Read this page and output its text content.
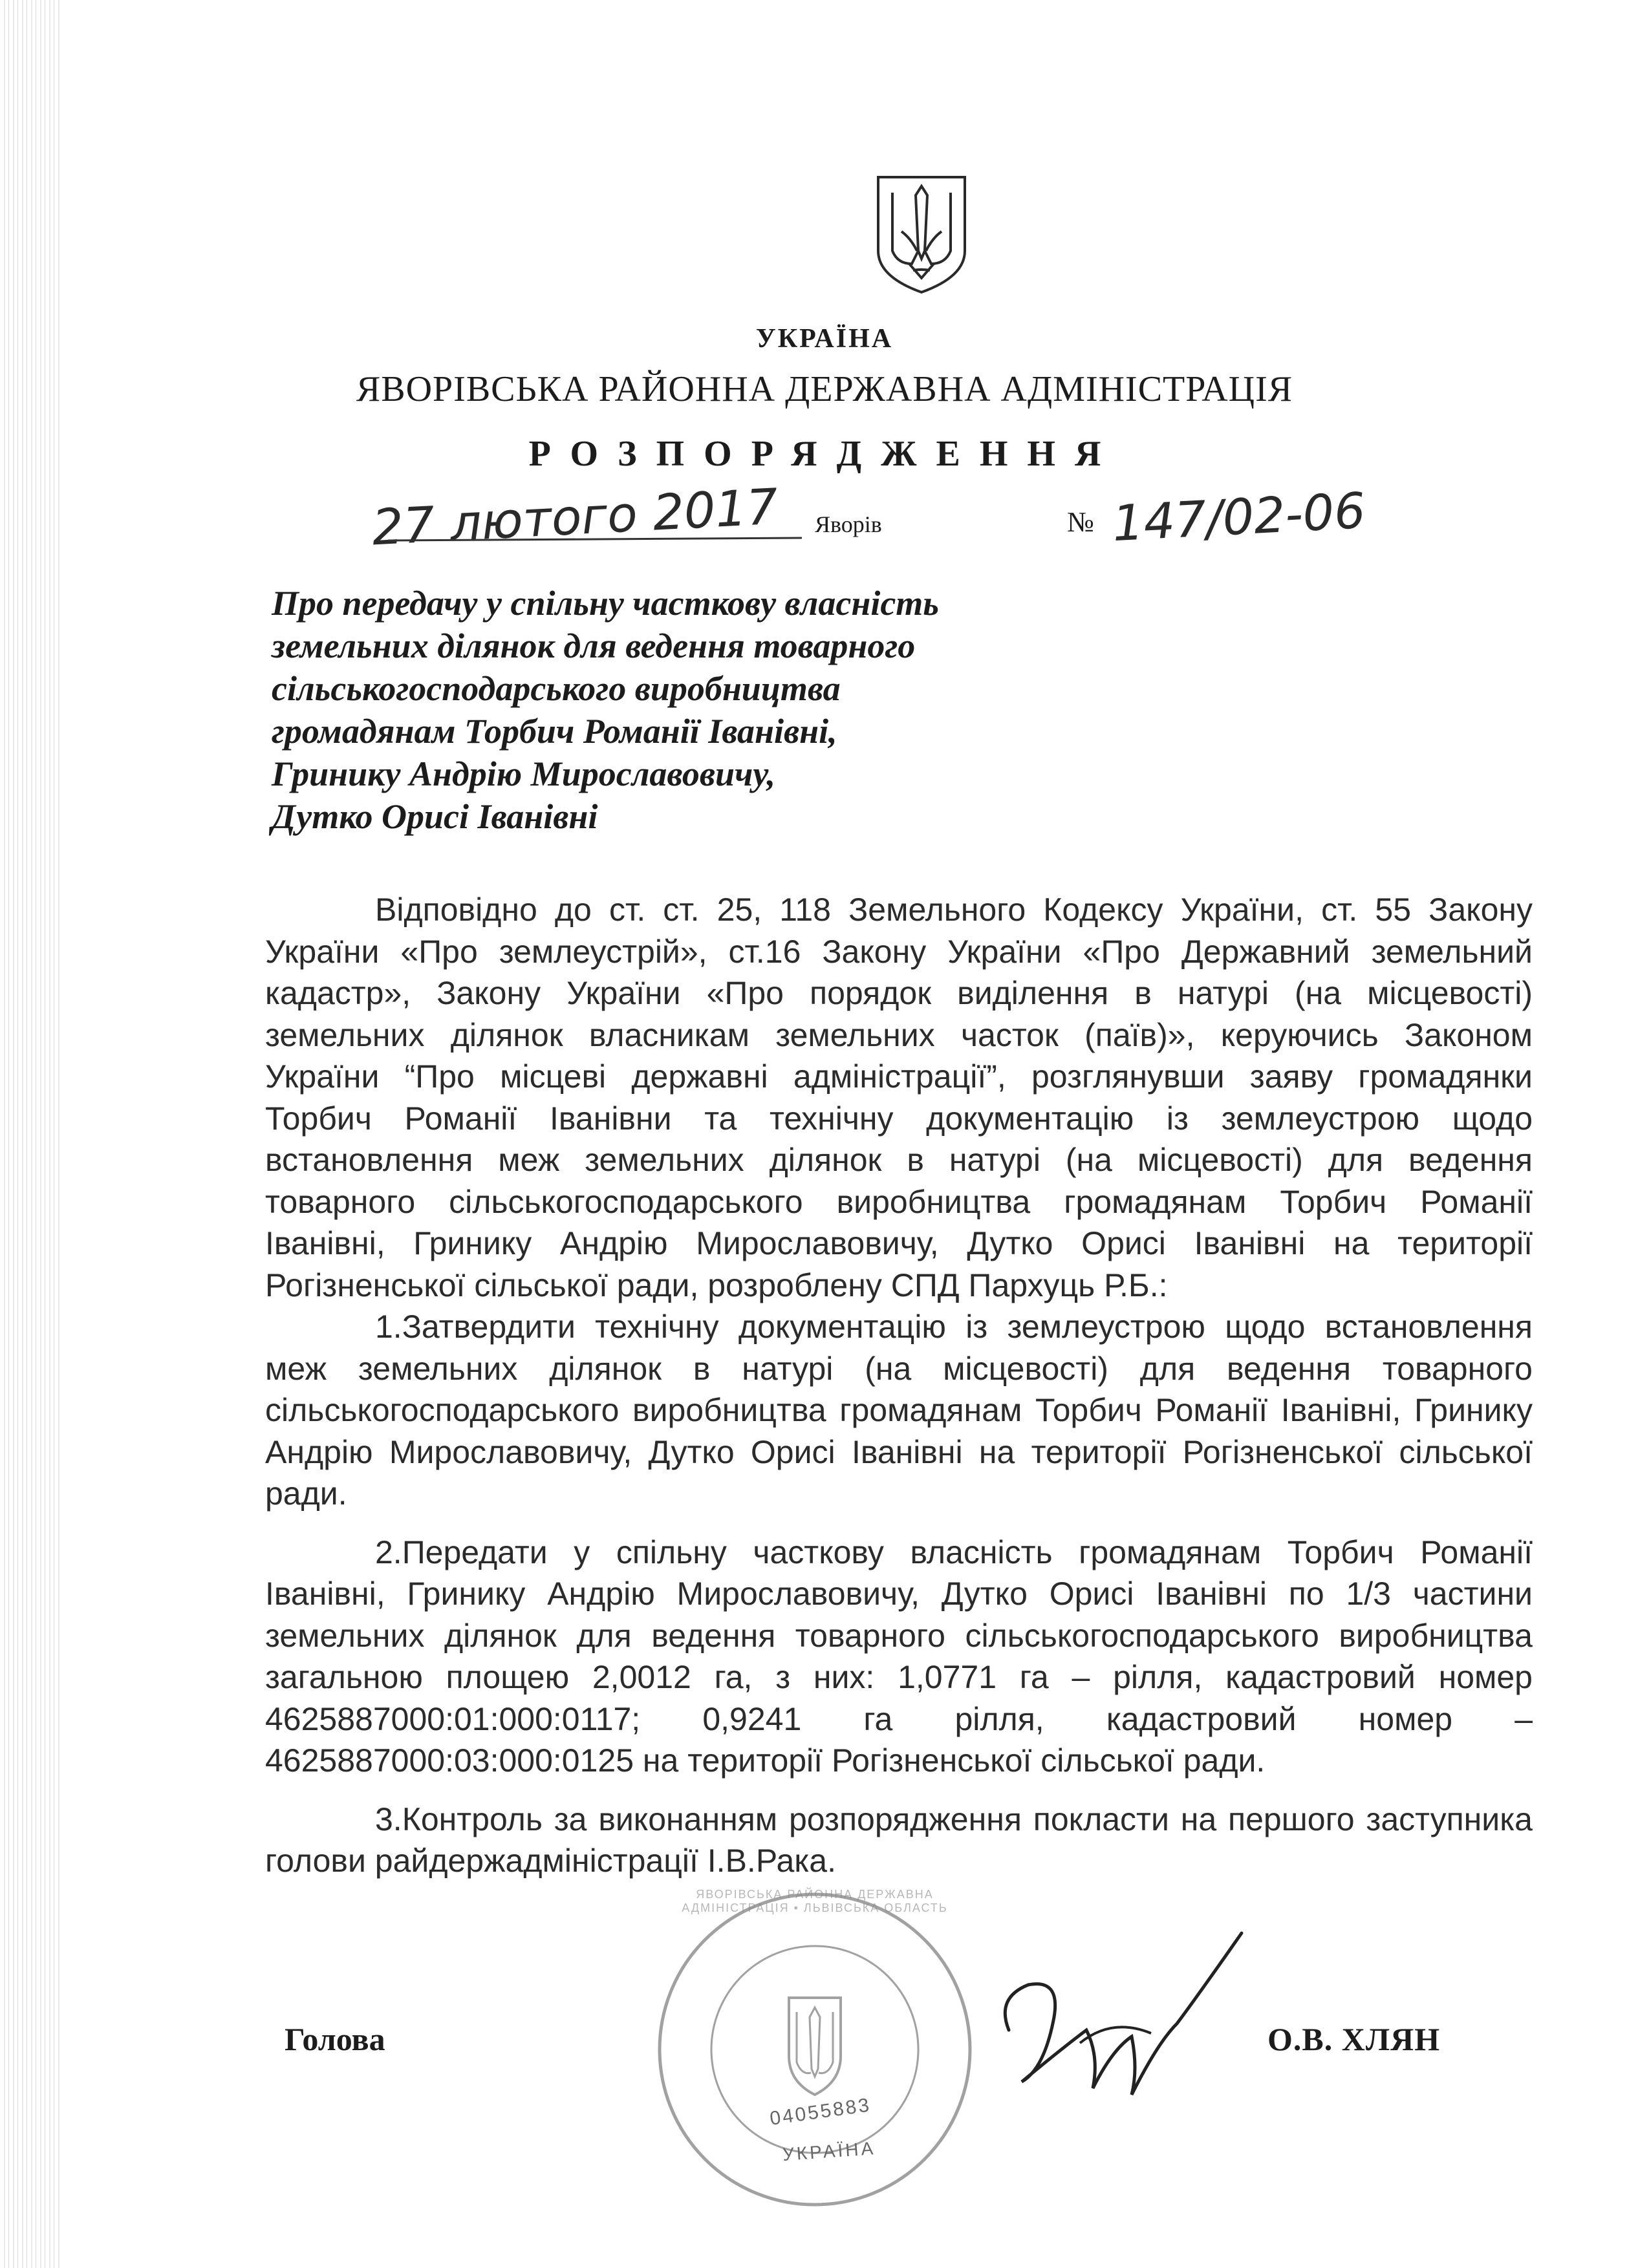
УКРАЇНА
ЯВОРІВСЬКА РАЙОННА ДЕРЖАВНА АДМІНІСТРАЦІЯ
РОЗПОРЯДЖЕННЯ
27 лютого 2017 Яворів	№ 147/02-06
Про передачу у спільну часткову власність
земельних ділянок для ведення товарного
сільськогосподарського виробництва
громадянам Торбич Романії Іванівні,
Гринику Андрію Мирославовичу,
Дутко Орисі Іванівні

Відповідно до ст. ст. 25, 118 Земельного Кодексу України, ст. 55 Закону України «Про землеустрій», ст.16 Закону України «Про Державний земельний кадастр», Закону України «Про порядок виділення в натурі (на місцевості) земельних ділянок власникам земельних часток (паїв)», керуючись Законом України “Про місцеві державні адміністрації”, розглянувши заяву громадянки Торбич Романії Іванівни та технічну документацію із землеустрою щодо встановлення меж земельних ділянок в натурі (на місцевості) для ведення товарного сільськогосподарського виробництва громадянам Торбич Романії Іванівні, Гринику Андрію Мирославовичу, Дутко Орисі Іванівні на території Рогізненської сільської ради, розроблену СПД Пархуць Р.Б.:

1.Затвердити технічну документацію із землеустрою щодо встановлення меж земельних ділянок в натурі (на місцевості) для ведення товарного сільськогосподарського виробництва громадянам Торбич Романії Іванівні, Гринику Андрію Мирославовичу, Дутко Орисі Іванівні на території Рогізненської сільської ради.

2.Передати у спільну часткову власність громадянам Торбич Романії Іванівні, Гринику Андрію Мирославовичу, Дутко Орисі Іванівні по 1/3 частини земельних ділянок для ведення товарного сільськогосподарського виробництва загальною площею 2,0012 га, з них: 1,0771 га – рілля, кадастровий номер 4625887000:01:000:0117; 0,9241 га рілля, кадастровий номер – 4625887000:03:000:0125 на території Рогізненської сільської ради.

3.Контроль за виконанням розпорядження покласти на першого заступника голови райдержадміністрації І.В.Рака.

04055883
УКРАЇНА
ЯВОРІВСЬКА РАЙОННА ДЕРЖАВНА АДМІНІСТРАЦІЯ • ЛЬВІВСЬКА ОБЛАСТЬ
Голова	О.В. ХЛЯН
